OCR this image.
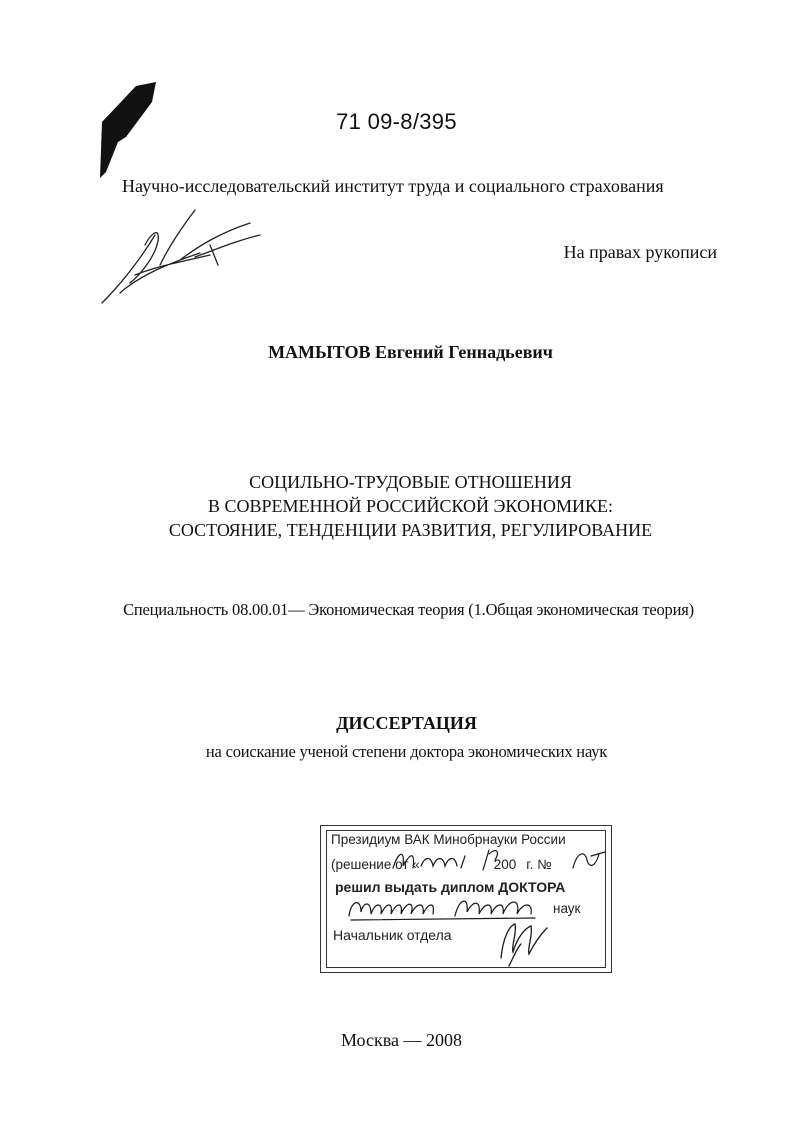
71 09-8/395
Научно-исследовательский институт труда и социального страхования
На правах рукописи
МАМЫТОВ Евгений Геннадьевич
СОЦИЛЬНО-ТРУДОВЫЕ ОТНОШЕНИЯ
В СОВРЕМЕННОЙ РОССИЙСКОЙ ЭКОНОМИКЕ:
СОСТОЯНИЕ, ТЕНДЕНЦИИ РАЗВИТИЯ, РЕГУЛИРОВАНИЕ
Специальность 08.00.01— Экономическая теория (1.Общая экономическая теория)
ДИССЕРТАЦИЯ
на соискание ученой степени доктора экономических наук
Президиум ВАК Минобрнауки России
(решение от «	200 г. №
решил выдать диплом ДОКТОРА
наук
Начальник отдела
Москва — 2008
